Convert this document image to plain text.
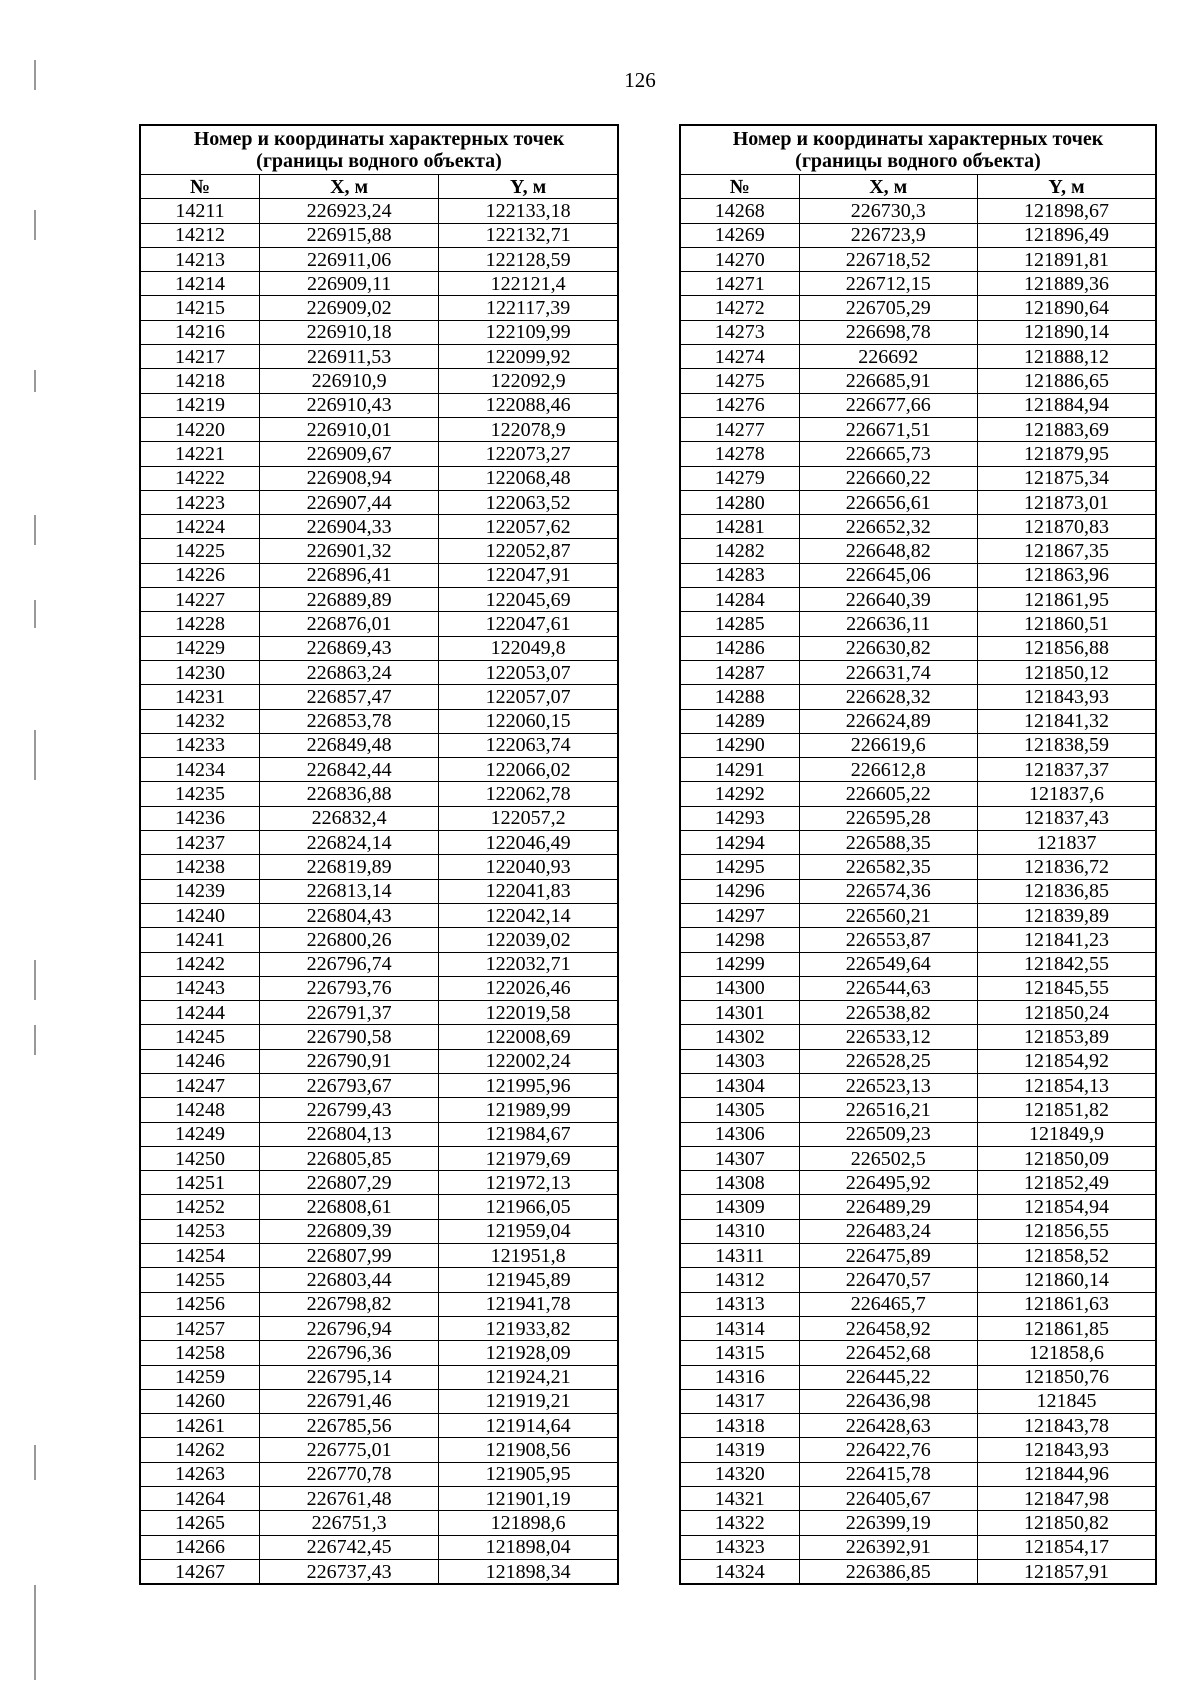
126
Номер и координаты характерных точек
(границы водного объекта)		

№	X, м	Y, м
14211	226923,24	122133,18
14212	226915,88	122132,71
14213	226911,06	122128,59
14214	226909,11	122121,4
14215	226909,02	122117,39
14216	226910,18	122109,99
14217	226911,53	122099,92
14218	226910,9	122092,9
14219	226910,43	122088,46
14220	226910,01	122078,9
14221	226909,67	122073,27
14222	226908,94	122068,48
14223	226907,44	122063,52
14224	226904,33	122057,62
14225	226901,32	122052,87
14226	226896,41	122047,91
14227	226889,89	122045,69
14228	226876,01	122047,61
14229	226869,43	122049,8
14230	226863,24	122053,07
14231	226857,47	122057,07
14232	226853,78	122060,15
14233	226849,48	122063,74
14234	226842,44	122066,02
14235	226836,88	122062,78
14236	226832,4	122057,2
14237	226824,14	122046,49
14238	226819,89	122040,93
14239	226813,14	122041,83
14240	226804,43	122042,14
14241	226800,26	122039,02
14242	226796,74	122032,71
14243	226793,76	122026,46
14244	226791,37	122019,58
14245	226790,58	122008,69
14246	226790,91	122002,24
14247	226793,67	121995,96
14248	226799,43	121989,99
14249	226804,13	121984,67
14250	226805,85	121979,69
14251	226807,29	121972,13
14252	226808,61	121966,05
14253	226809,39	121959,04
14254	226807,99	121951,8
14255	226803,44	121945,89
14256	226798,82	121941,78
14257	226796,94	121933,82
14258	226796,36	121928,09
14259	226795,14	121924,21
14260	226791,46	121919,21
14261	226785,56	121914,64
14262	226775,01	121908,56
14263	226770,78	121905,95
14264	226761,48	121901,19
14265	226751,3	121898,6
14266	226742,45	121898,04
14267	226737,43	121898,34
Номер и координаты характерных точек
(границы водного объекта)		

№	X, м	Y, м
14268	226730,3	121898,67
14269	226723,9	121896,49
14270	226718,52	121891,81
14271	226712,15	121889,36
14272	226705,29	121890,64
14273	226698,78	121890,14
14274	226692	121888,12
14275	226685,91	121886,65
14276	226677,66	121884,94
14277	226671,51	121883,69
14278	226665,73	121879,95
14279	226660,22	121875,34
14280	226656,61	121873,01
14281	226652,32	121870,83
14282	226648,82	121867,35
14283	226645,06	121863,96
14284	226640,39	121861,95
14285	226636,11	121860,51
14286	226630,82	121856,88
14287	226631,74	121850,12
14288	226628,32	121843,93
14289	226624,89	121841,32
14290	226619,6	121838,59
14291	226612,8	121837,37
14292	226605,22	121837,6
14293	226595,28	121837,43
14294	226588,35	121837
14295	226582,35	121836,72
14296	226574,36	121836,85
14297	226560,21	121839,89
14298	226553,87	121841,23
14299	226549,64	121842,55
14300	226544,63	121845,55
14301	226538,82	121850,24
14302	226533,12	121853,89
14303	226528,25	121854,92
14304	226523,13	121854,13
14305	226516,21	121851,82
14306	226509,23	121849,9
14307	226502,5	121850,09
14308	226495,92	121852,49
14309	226489,29	121854,94
14310	226483,24	121856,55
14311	226475,89	121858,52
14312	226470,57	121860,14
14313	226465,7	121861,63
14314	226458,92	121861,85
14315	226452,68	121858,6
14316	226445,22	121850,76
14317	226436,98	121845
14318	226428,63	121843,78
14319	226422,76	121843,93
14320	226415,78	121844,96
14321	226405,67	121847,98
14322	226399,19	121850,82
14323	226392,91	121854,17
14324	226386,85	121857,91
